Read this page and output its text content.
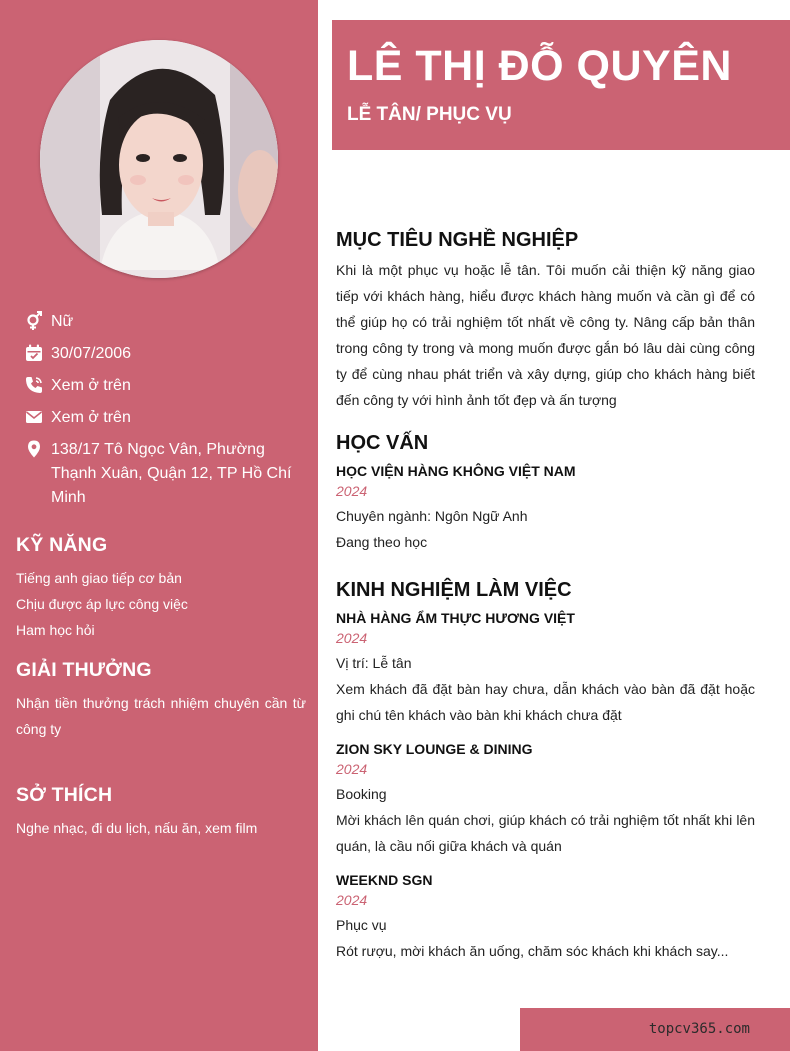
Nữ
30/07/2006
Xem ở trên
Xem ở trên
138/17 Tô Ngọc Vân, Phường Thạnh Xuân, Quận 12, TP Hồ Chí Minh
KỸ NĂNG
Tiếng anh giao tiếp cơ bản
Chịu được áp lực công việc
Ham học hỏi
GIẢI THƯỞNG
Nhận tiền thưởng trách nhiệm chuyên cần từ công ty
SỞ THÍCH
Nghe nhạc, đi du lịch, nấu ăn, xem film
LÊ THỊ ĐỖ QUYÊN
LỄ TÂN/ PHỤC VỤ
MỤC TIÊU NGHỀ NGHIỆP
Khi là một phục vụ hoặc lễ tân. Tôi muốn cải thiện kỹ năng giao tiếp với khách hàng, hiểu được khách hàng muốn và cần gì để có thể giúp họ có trải nghiệm tốt nhất về công ty. Nâng cấp bản thân trong công ty trong và mong muốn được gắn bó lâu dài cùng công ty để cùng nhau phát triển và xây dựng, giúp cho khách hàng biết đến công ty với hình ảnh tốt đẹp và ấn tượng
HỌC VẤN
HỌC VIỆN HÀNG KHÔNG VIỆT NAM
2024
Chuyên ngành: Ngôn Ngữ Anh
Đang theo học
KINH NGHIỆM LÀM VIỆC
NHÀ HÀNG ẨM THỰC HƯƠNG VIỆT
2024
Vị trí: Lễ tân
Xem khách đã đặt bàn hay chưa, dẫn khách vào bàn đã đặt hoặc ghi chú tên khách vào bàn khi khách chưa đặt
ZION SKY LOUNGE & DINING
2024
Booking
Mời khách lên quán chơi, giúp khách có trải nghiệm tốt nhất khi lên quán, là cầu nối giữa khách và quán
WEEKND SGN
2024
Phục vụ
Rót rượu, mời khách ăn uống, chăm sóc khách khi khách say...
topcv365.com
